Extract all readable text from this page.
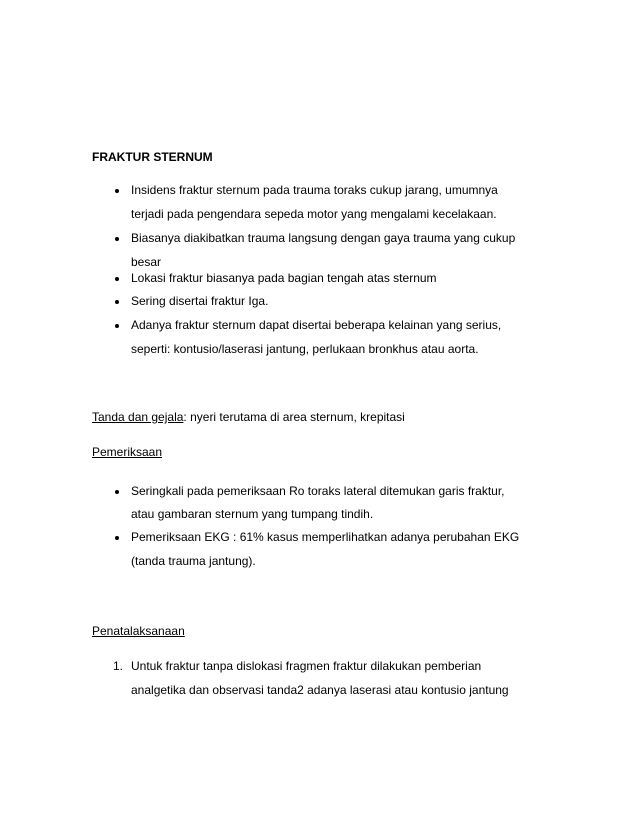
FRAKTUR STERNUM
Insidens fraktur sternum pada trauma toraks cukup jarang, umumnya
terjadi pada pengendara sepeda motor yang mengalami kecelakaan.
Biasanya diakibatkan trauma langsung dengan gaya trauma yang cukup
besar
Lokasi fraktur biasanya pada bagian tengah atas sternum
Sering disertai fraktur Iga.
Adanya fraktur sternum dapat disertai beberapa kelainan yang serius,
seperti: kontusio/laserasi jantung, perlukaan bronkhus atau aorta.
Tanda dan gejala: nyeri terutama di area sternum, krepitasi
Pemeriksaan
Seringkali pada pemeriksaan Ro toraks lateral ditemukan garis fraktur,
atau gambaran sternum yang tumpang tindih.
Pemeriksaan EKG : 61% kasus memperlihatkan adanya perubahan EKG
(tanda trauma jantung).
Penatalaksanaan
1. Untuk fraktur tanpa dislokasi fragmen fraktur dilakukan pemberian
analgetika dan observasi tanda2 adanya laserasi atau kontusio jantung
